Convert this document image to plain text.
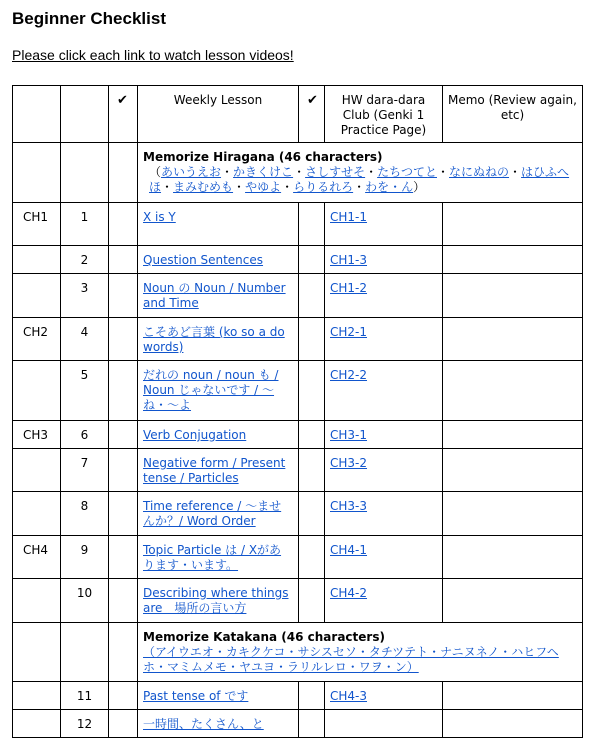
Beginner Checklist
Please click each link to watch lesson videos!
		✔	Weekly Lesson	✔	HW dara-dara Club (Genki 1 Practice Page)	Memo (Review again, etc)

			Memorize Hiragana (46 characters)
（あいうえお・かきくけこ・さしすせそ・たちつてと・なにぬねの・はひふへほ・まみむめも・やゆよ・らりるれろ・わを・ん）			

CH1	1		X is Y		CH1-1	
	2		Question Sentences		CH1-3	
	3		Noun の Noun / Number and Time		CH1-2	
CH2	4		こそあど言葉 (ko so a do words)		CH2-1	
	5		だれの noun / noun も / Noun じゃないです / 〜ね・〜よ		CH2-2	
CH3	6		Verb Conjugation		CH3-1	
	7		Negative form / Present tense / Particles		CH3-2	
	8		Time reference / 〜ませんか？/ Word Order		CH3-3	
CH4	9		Topic Particle は / Xがあります・います。		CH4-1	
	10		Describing where things are　場所の言い方		CH4-2	

			Memorize Katakana (46 characters)
（アイウエオ・カキクケコ・サシスセソ・タチツテト・ナニヌネノ・ハヒフヘホ・マミムメモ・ヤユヨ・ラリルレロ・ワヲ・ン）			

	11		Past tense of です		CH4-3	
	12		一時間、たくさん、と			
